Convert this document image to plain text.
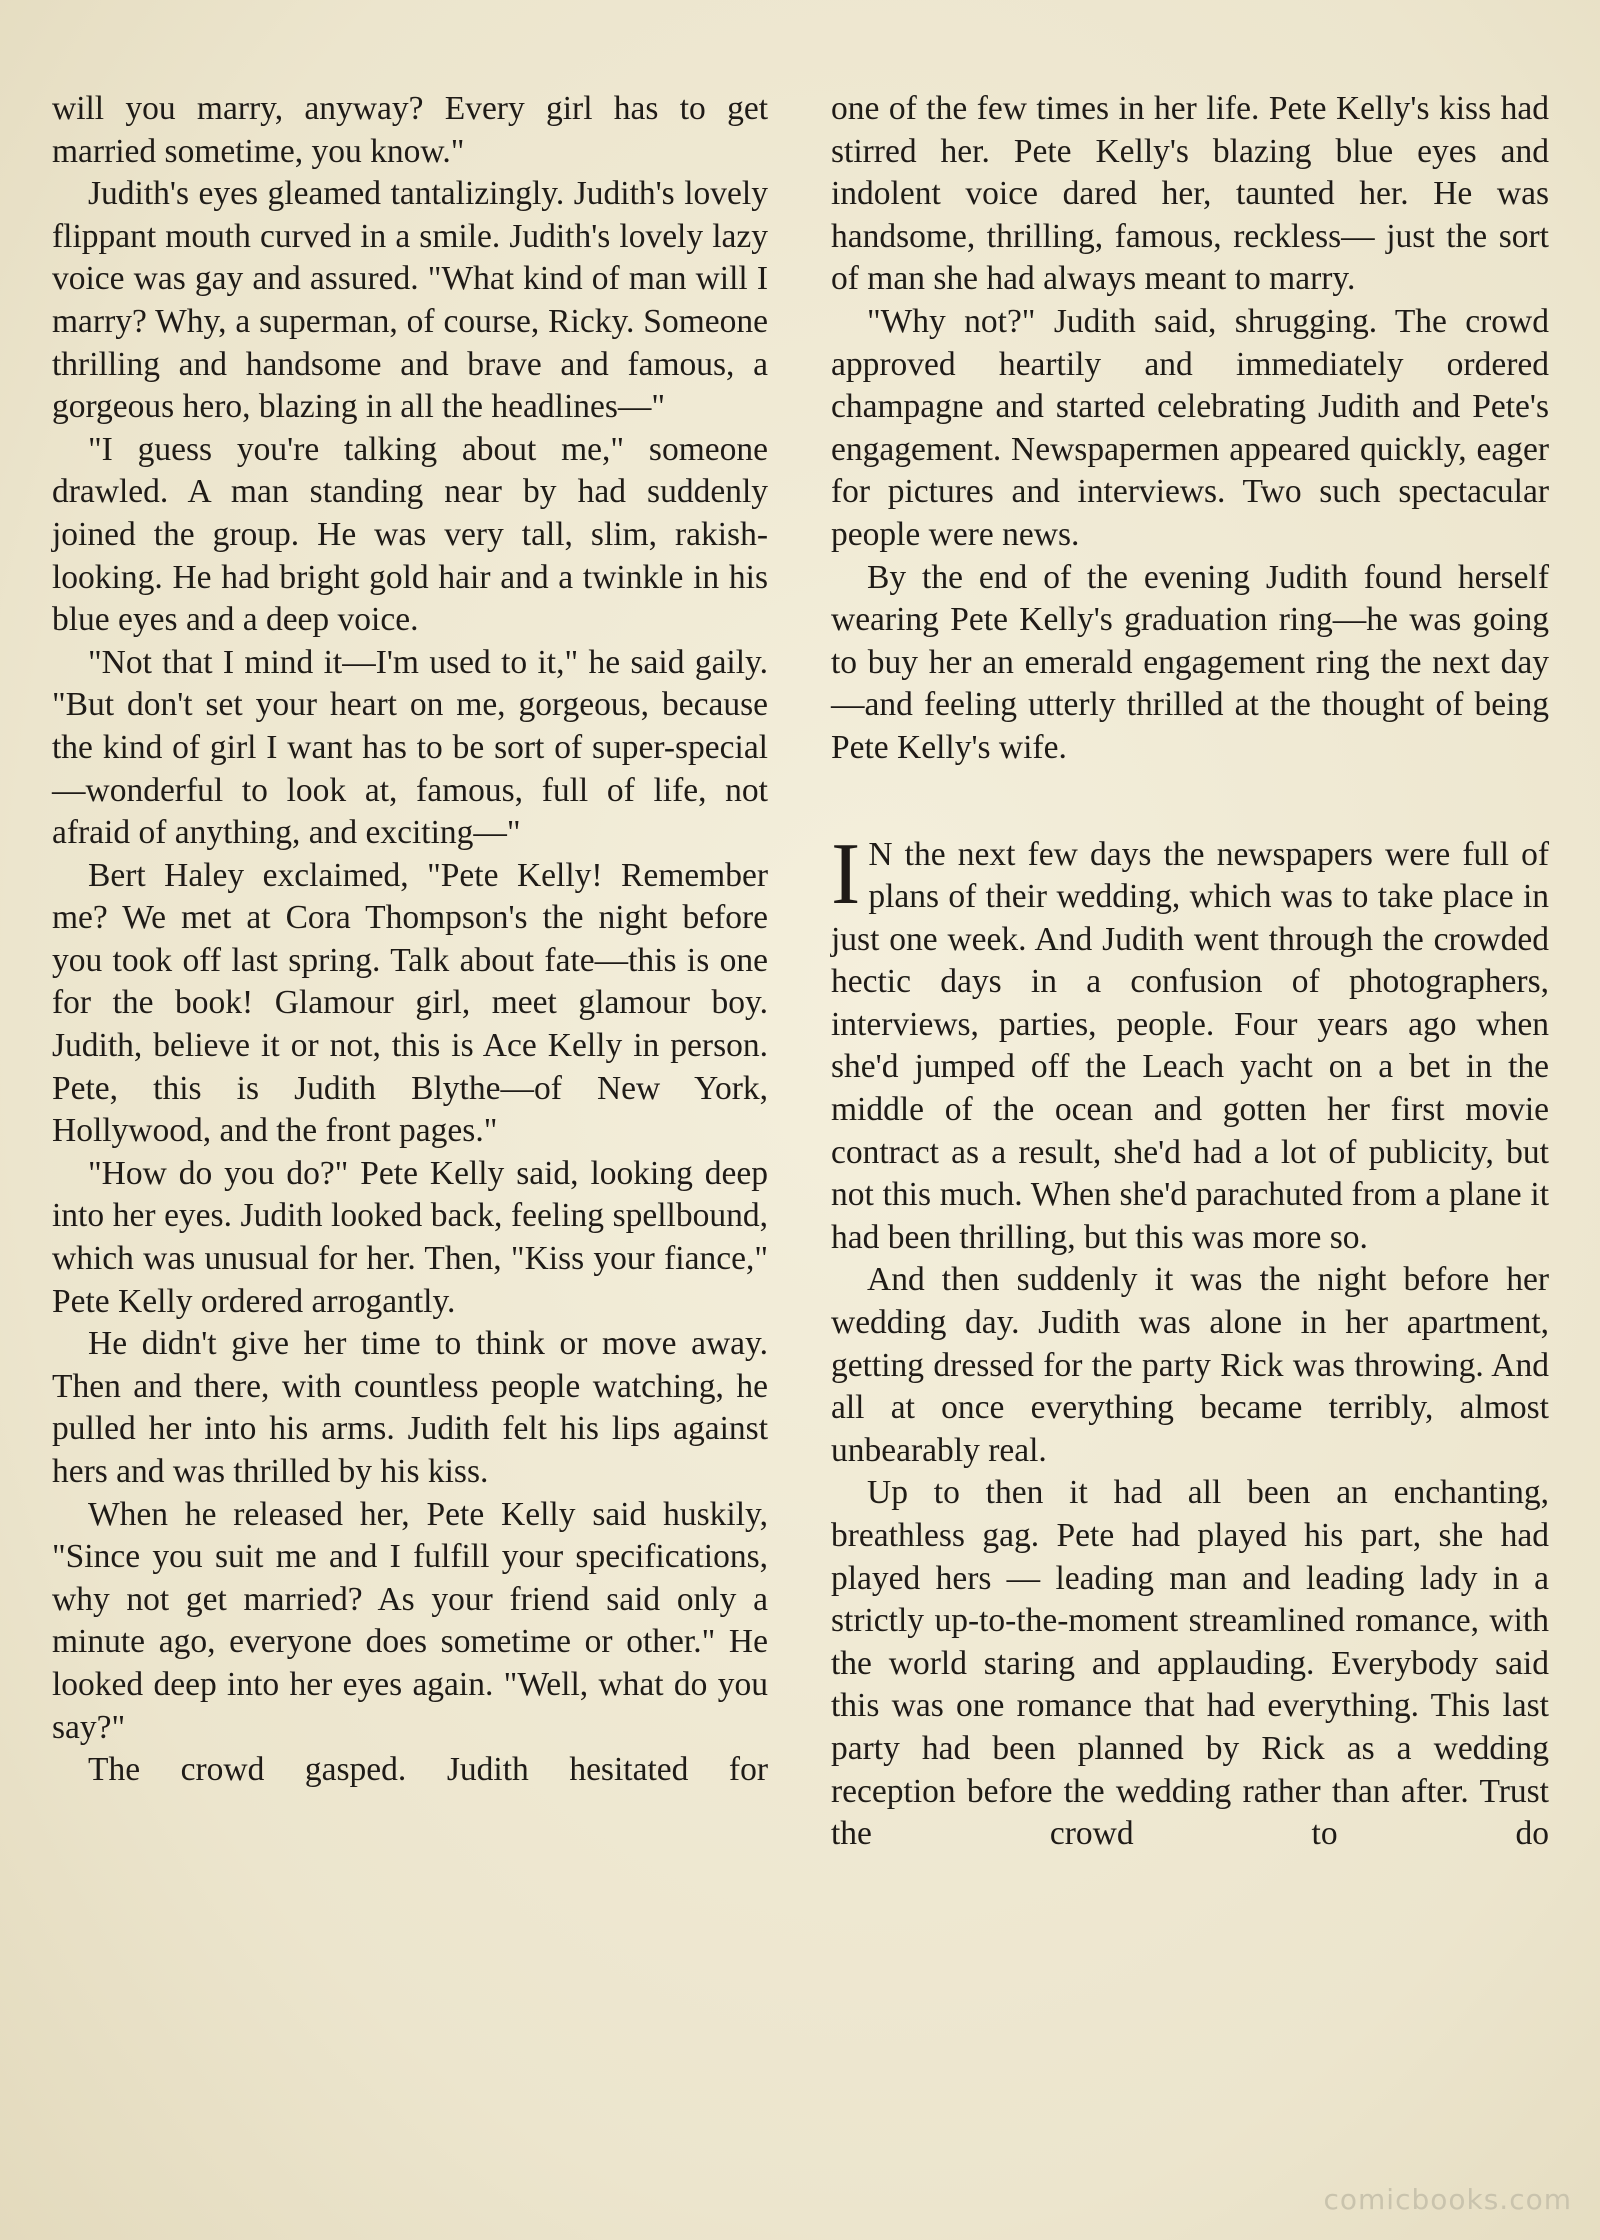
will you marry, anyway? Every girl has to get married sometime, you know."

Judith's eyes gleamed tantalizingly. Judith's lovely flippant mouth curved in a smile. Judith's lovely lazy voice was gay and assured. "What kind of man will I marry? Why, a superman, of course, Ricky. Someone thrilling and handsome and brave and famous, a gorgeous hero, blazing in all the headlines—"

"I guess you're talking about me," someone drawled. A man standing near by had suddenly joined the group. He was very tall, slim, rakish-looking. He had bright gold hair and a twinkle in his blue eyes and a deep voice.

"Not that I mind it—I'm used to it," he said gaily. "But don't set your heart on me, gorgeous, because the kind of girl I want has to be sort of super-special—wonderful to look at, famous, full of life, not afraid of anything, and exciting—"

Bert Haley exclaimed, "Pete Kelly! Remember me? We met at Cora Thompson's the night before you took off last spring. Talk about fate—this is one for the book! Glamour girl, meet glamour boy. Judith, believe it or not, this is Ace Kelly in person. Pete, this is Judith Blythe—of New York, Hollywood, and the front pages."

"How do you do?" Pete Kelly said, looking deep into her eyes. Judith looked back, feeling spellbound, which was unusual for her. Then, "Kiss your fiance," Pete Kelly ordered arrogantly.

He didn't give her time to think or move away. Then and there, with countless people watching, he pulled her into his arms. Judith felt his lips against hers and was thrilled by his kiss.

When he released her, Pete Kelly said huskily, "Since you suit me and I fulfill your specifications, why not get married? As your friend said only a minute ago, everyone does sometime or other." He looked deep into her eyes again. "Well, what do you say?"

The crowd gasped. Judith hesitated for

one of the few times in her life. Pete Kelly's kiss had stirred her. Pete Kelly's blazing blue eyes and indolent voice dared her, taunted her. He was handsome, thrilling, famous, reckless— just the sort of man she had always meant to marry.

"Why not?" Judith said, shrugging. The crowd approved heartily and immediately ordered champagne and started celebrating Judith and Pete's engagement. Newspapermen appeared quickly, eager for pictures and interviews. Two such spectacular people were news.

By the end of the evening Judith found herself wearing Pete Kelly's graduation ring—he was going to buy her an emerald engagement ring the next day—and feeling utterly thrilled at the thought of being Pete Kelly's wife.

I N the next few days the newspapers were full of plans of their wedding, which was to take place in just one week. And Judith went through the crowded hectic days in a confusion of photographers, interviews, parties, people. Four years ago when she'd jumped off the Leach yacht on a bet in the middle of the ocean and gotten her first movie contract as a result, she'd had a lot of publicity, but not this much. When she'd parachuted from a plane it had been thrilling, but this was more so.

And then suddenly it was the night before her wedding day. Judith was alone in her apartment, getting dressed for the party Rick was throwing. And all at once everything became terribly, almost unbearably real.

Up to then it had all been an enchanting, breathless gag. Pete had played his part, she had played hers — leading man and leading lady in a strictly up-to-the-moment streamlined romance, with the world staring and applauding. Everybody said this was one romance that had everything. This last party had been planned by Rick as a wedding reception before the wedding rather than after. Trust the crowd to do

comicbooks.com
